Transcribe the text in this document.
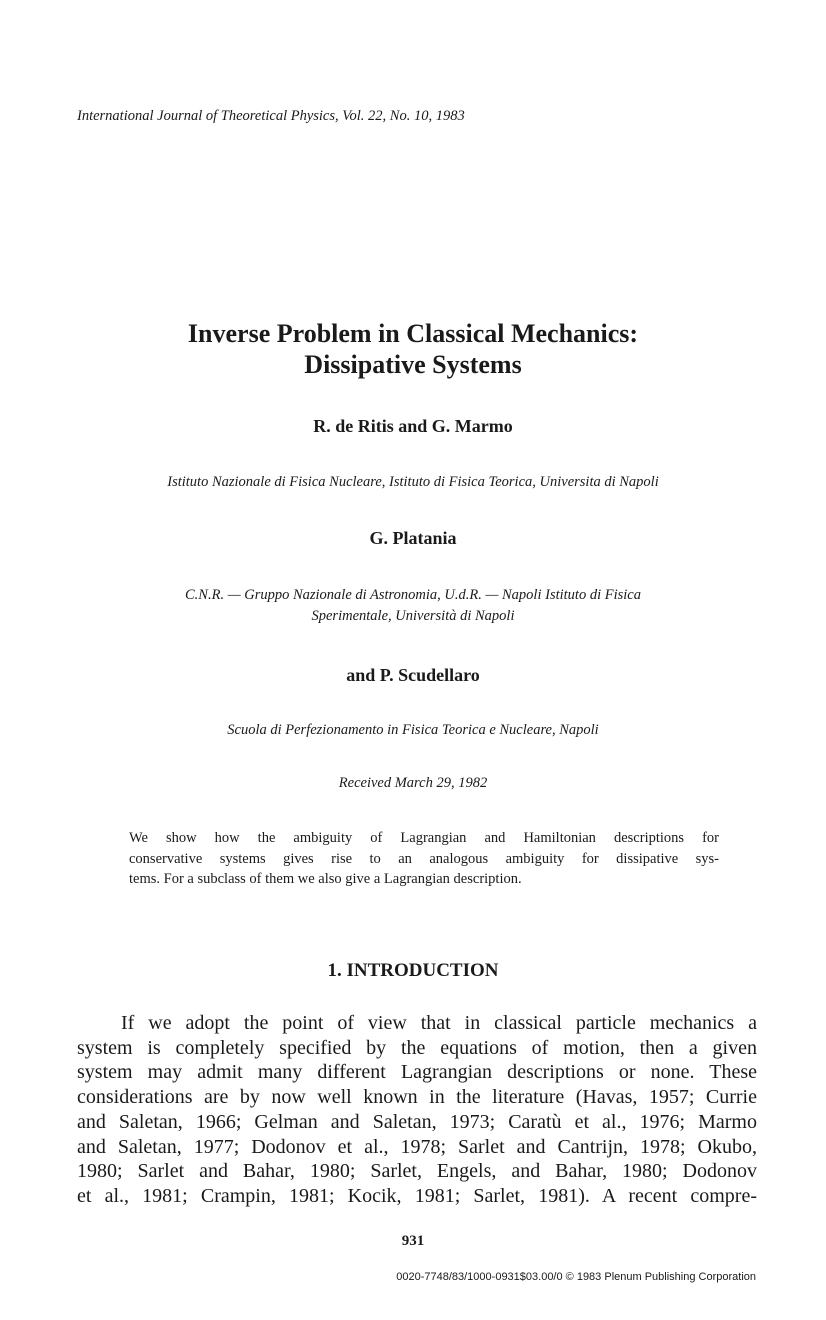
International Journal of Theoretical Physics, Vol. 22, No. 10, 1983
Inverse Problem in Classical Mechanics:
Dissipative Systems
R. de Ritis and G. Marmo
Istituto Nazionale di Fisica Nucleare, Istituto di Fisica Teorica, Universita di Napoli
G. Platania
C.N.R. — Gruppo Nazionale di Astronomia, U.d.R. — Napoli Istituto di Fisica
Sperimentale, Università di Napoli
and P. Scudellaro
Scuola di Perfezionamento in Fisica Teorica e Nucleare, Napoli
Received March 29, 1982
We show how the ambiguity of Lagrangian and Hamiltonian descriptions for
conservative systems gives rise to an analogous ambiguity for dissipative sys-
tems. For a subclass of them we also give a Lagrangian description.
1. INTRODUCTION
If we adopt the point of view that in classical particle mechanics a
system is completely specified by the equations of motion, then a given
system may admit many different Lagrangian descriptions or none. These
considerations are by now well known in the literature (Havas, 1957; Currie
and Saletan, 1966; Gelman and Saletan, 1973; Caratù et al., 1976; Marmo
and Saletan, 1977; Dodonov et al., 1978; Sarlet and Cantrijn, 1978; Okubo,
1980; Sarlet and Bahar, 1980; Sarlet, Engels, and Bahar, 1980; Dodonov
et al., 1981; Crampin, 1981; Kocik, 1981; Sarlet, 1981). A recent compre-
931
0020-7748/83/1000-0931$03.00/0 © 1983 Plenum Publishing Corporation
